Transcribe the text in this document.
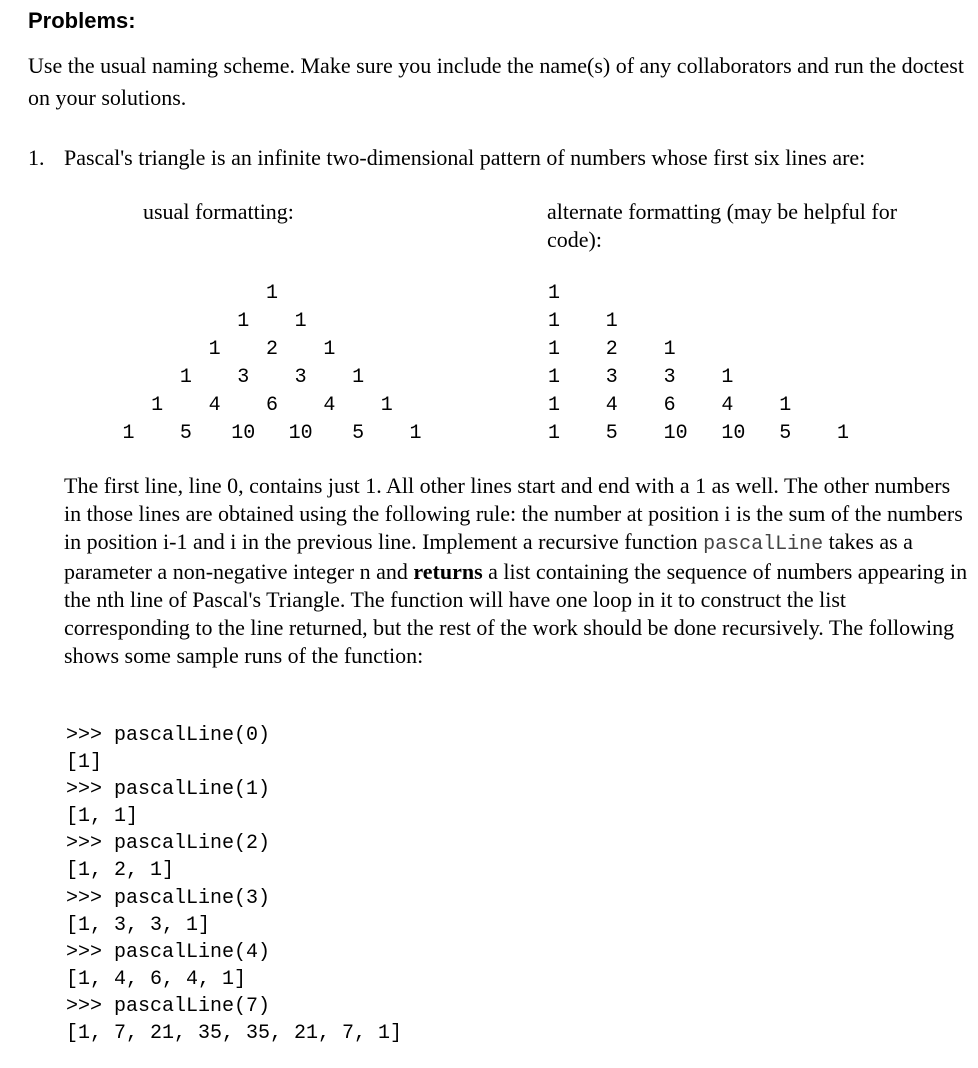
Problems:

Use the usual naming scheme. Make sure you include the name(s) of any collaborators and run the doctest on your solutions.

1. Pascal's triangle is an infinite two-dimensional pattern of numbers whose first six lines are:

usual formatting:	alternate formatting (may be helpful for code):

1
1 1
1 2 1
1 3 3 1
1 4 6 4 1
1 5 10 10 5 1
1
1 1
1 2 1
1 3 3 1
1 4 6 4 1
1 5 10 10 5 1

The first line, line 0, contains just 1. All other lines start and end with a 1 as well. The other numbers in those lines are obtained using the following rule: the number at position i is the sum of the numbers in position i-1 and i in the previous line. Implement a recursive function pascalLine takes as a parameter a non-negative integer n and returns a list containing the sequence of numbers appearing in the nth line of Pascal's Triangle. The function will have one loop in it to construct the list corresponding to the line returned, but the rest of the work should be done recursively. The following shows some sample runs of the function:

>>> pascalLine(0)
[1]
>>> pascalLine(1)
[1, 1]
>>> pascalLine(2)
[1, 2, 1]
>>> pascalLine(3)
[1, 3, 3, 1]
>>> pascalLine(4)
[1, 4, 6, 4, 1]
>>> pascalLine(7)
[1, 7, 21, 35, 35, 21, 7, 1]
